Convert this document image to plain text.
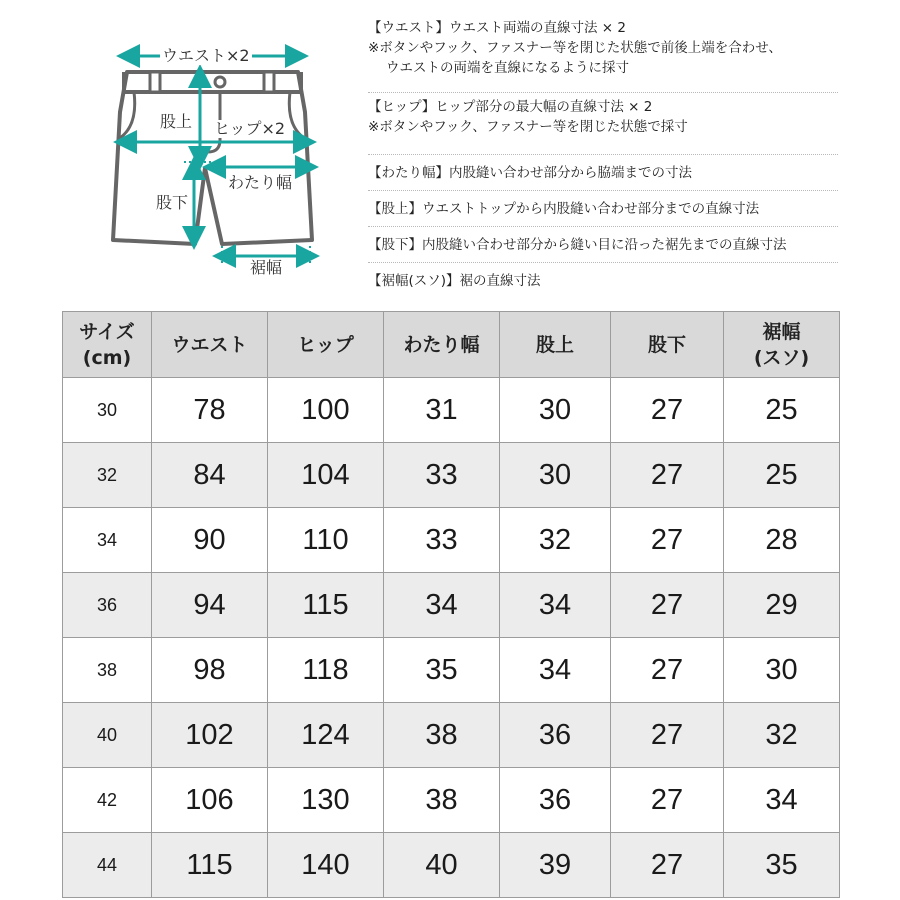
ウエスト×2
股上 ヒップ×2
わたり幅
股下
裾幅
【ウエスト】ウエスト両端の直線寸法 × 2
※ボタンやフック、ファスナー等を閉じた状態で前後上端を合わせ、
ウエストの両端を直線になるように採寸
【ヒップ】ヒップ部分の最大幅の直線寸法 × 2
※ボタンやフック、ファスナー等を閉じた状態で採寸
【わたり幅】内股縫い合わせ部分から脇端までの寸法
【股上】ウエストトップから内股縫い合わせ部分までの直線寸法
【股下】内股縫い合わせ部分から縫い目に沿った裾先までの直線寸法
【裾幅(スソ)】裾の直線寸法
サイズ
(cm)	ウエスト	ヒップ	わたり幅	股上	股下	裾幅
(スソ)

30	78	100	31	30	27	25
32	84	104	33	30	27	25
34	90	110	33	32	27	28
36	94	115	34	34	27	29
38	98	118	35	34	27	30
40	102	124	38	36	27	32
42	106	130	38	36	27	34
44	115	140	40	39	27	35
